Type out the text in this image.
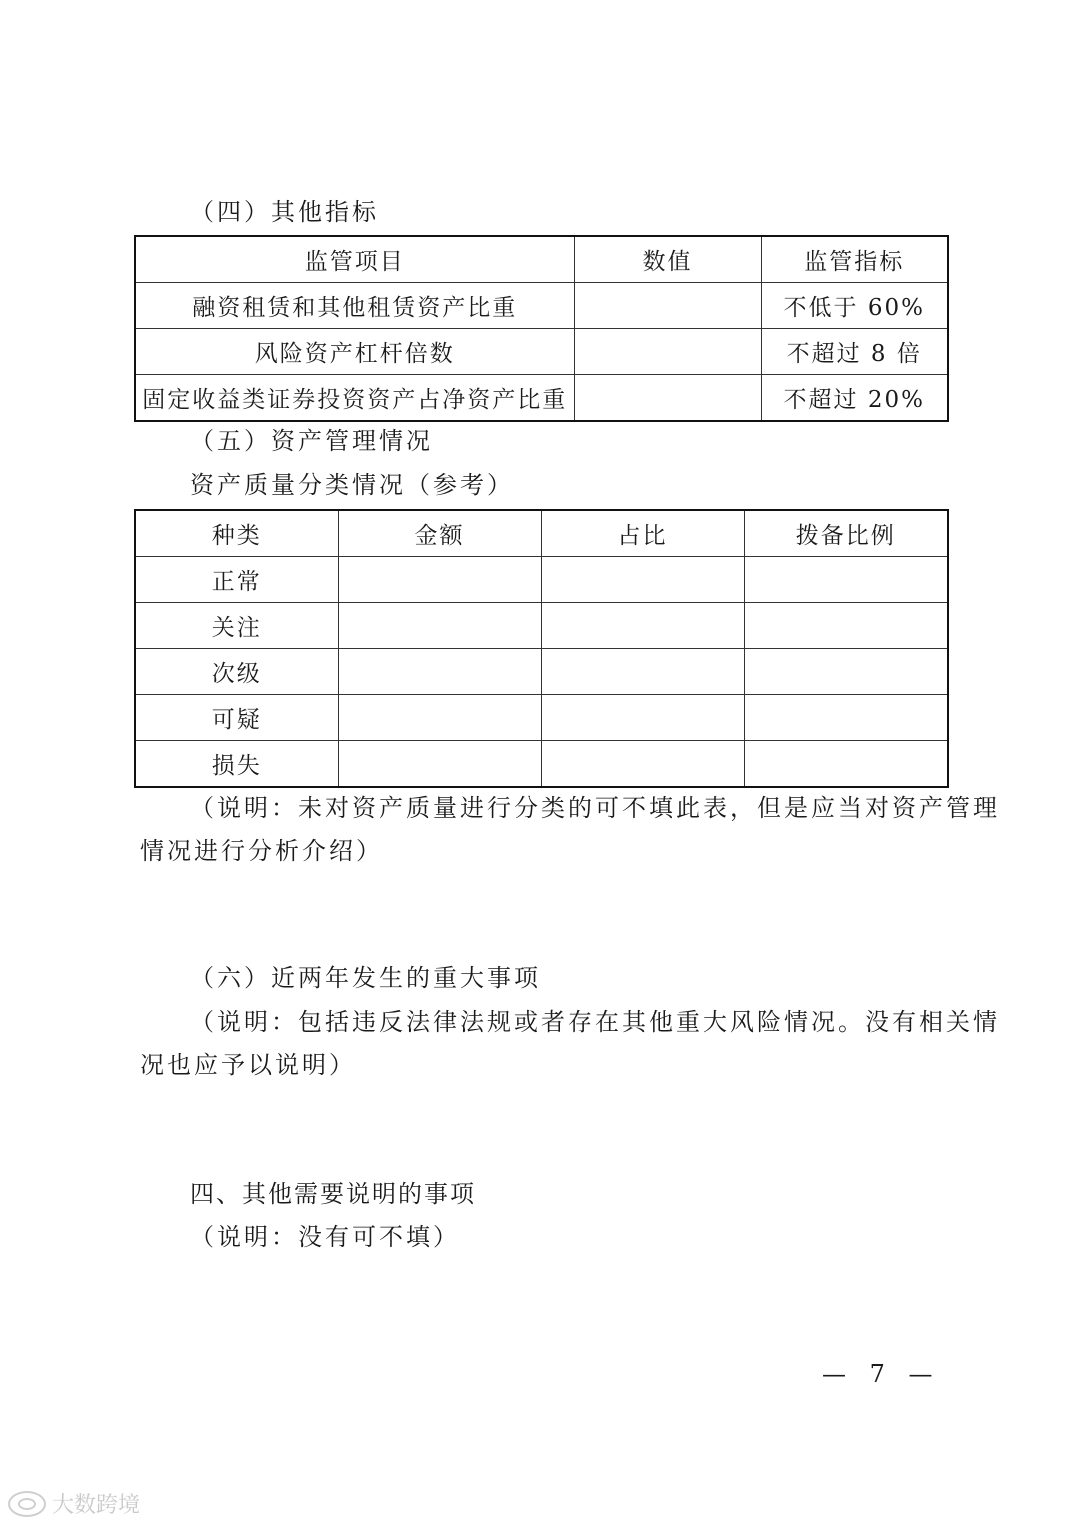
（四）其他指标
监管项目	数值	监管指标
融资租赁和其他租赁资产比重		不低于 60%
风险资产杠杆倍数		不超过 8 倍
固定收益类证券投资资产占净资产比重		不超过 20%
（五）资产管理情况
资产质量分类情况（参考）
种类	金额	占比	拨备比例
正常			
关注			
次级			
可疑			
损失			
（说明：未对资产质量进行分类的可不填此表，但是应当对资产管理
情况进行分析介绍）
（六）近两年发生的重大事项
（说明：包括违反法律法规或者存在其他重大风险情况。没有相关情
况也应予以说明）
四、其他需要说明的事项
（说明：没有可不填）
— 7 —
大数跨境
